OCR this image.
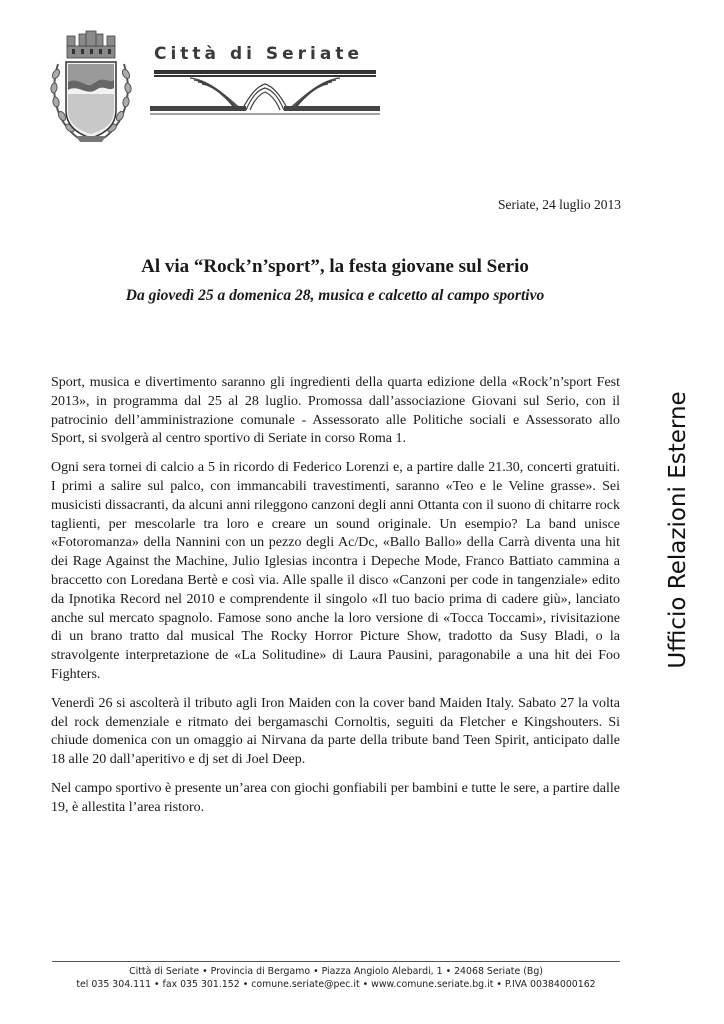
Città di Seriate
Seriate, 24 luglio 2013
Al via “Rock’n’sport”, la festa giovane sul Serio
Da giovedì 25 a domenica 28, musica e calcetto al campo sportivo

Sport, musica e divertimento saranno gli ingredienti della quarta edizione della «Rock’n’sport Fest 2013», in programma dal 25 al 28 luglio. Promossa dall’associazione Giovani sul Serio, con il patrocinio dell’amministrazione comunale - Assessorato alle Politiche sociali e Assessorato allo Sport, si svolgerà al centro sportivo di Seriate in corso Roma 1.

Ogni sera tornei di calcio a 5 in ricordo di Federico Lorenzi e, a partire dalle 21.30, concerti gratuiti. I primi a salire sul palco, con immancabili travestimenti, saranno «Teo e le Veline grasse». Sei musicisti dissacranti, da alcuni anni rileggono canzoni degli anni Ottanta con il suono di chitarre rock taglienti, per mescolarle tra loro e creare un sound originale. Un esempio? La band unisce «Fotoromanza» della Nannini con un pezzo degli Ac/Dc, «Ballo Ballo» della Carrà diventa una hit dei Rage Against the Machine, Julio Iglesias incontra i Depeche Mode, Franco Battiato cammina a braccetto con Loredana Bertè e così via. Alle spalle il disco «Canzoni per code in tangenziale» edito da Ipnotika Record nel 2010 e comprendente il singolo «Il tuo bacio prima di cadere giù», lanciato anche sul mercato spagnolo. Famose sono anche la loro versione di «Tocca Toccami», rivisitazione di un brano tratto dal musical The Rocky Horror Picture Show, tradotto da Susy Bladi, o la stravolgente interpretazione de «La Solitudine» di Laura Pausini, paragonabile a una hit dei Foo Fighters.

Venerdì 26 si ascolterà il tributo agli Iron Maiden con la cover band Maiden Italy. Sabato 27 la volta del rock demenziale e ritmato dei bergamaschi Cornoltis, seguiti da Fletcher e Kingshouters. Si chiude domenica con un omaggio ai Nirvana da parte della tribute band Teen Spirit, anticipato dalle 18 alle 20 dall’aperitivo e dj set di Joel Deep.

Nel campo sportivo è presente un’area con giochi gonfiabili per bambini e tutte le sere, a partire dalle 19, è allestita l’area ristoro.

Ufficio Relazioni Esterne
Città di Seriate • Provincia di Bergamo • Piazza Angiolo Alebardi, 1 • 24068 Seriate (Bg)
tel 035 304.111 • fax 035 301.152 • comune.seriate@pec.it • www.comune.seriate.bg.it • P.IVA 00384000162
